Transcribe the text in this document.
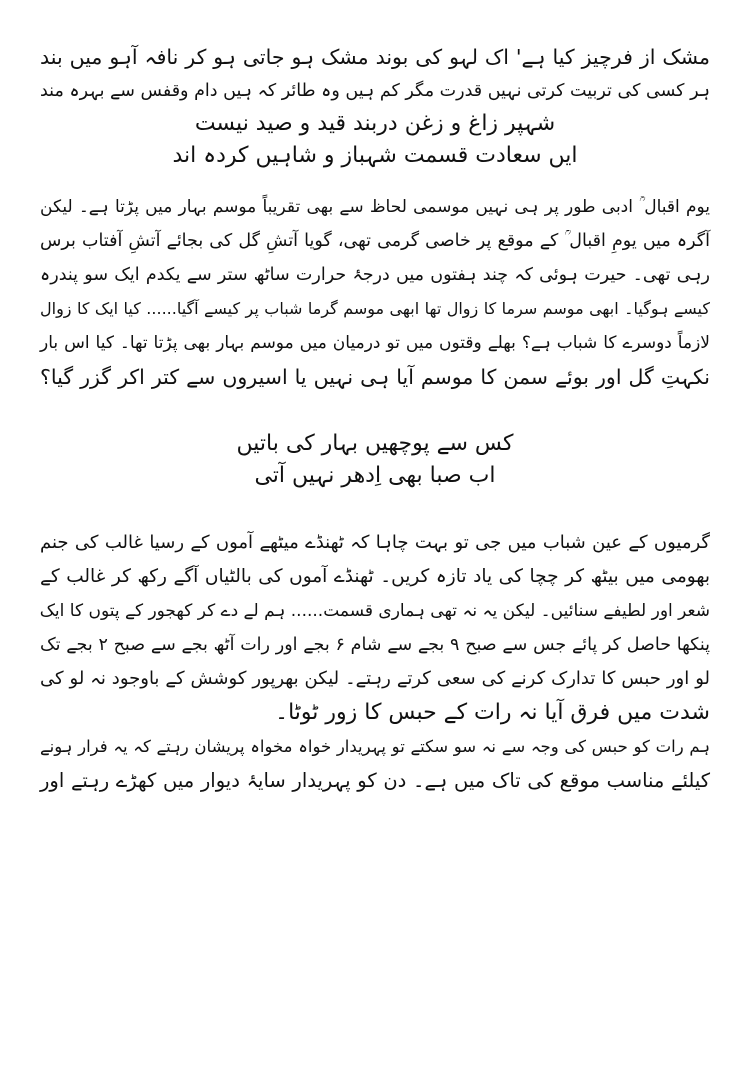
مشک از فرچیز کیا ہے' اک لہو کی بوند مشک ہو جاتی ہو کر نافہ آہو میں بند
ہر کسی کی تربیت کرتی نہیں قدرت مگر کم ہیں وہ طائر کہ ہیں دام وقفس سے بہرہ مند
شہپر زاغ و زغن دربند قید و صید نیست
ایں سعادت قسمت شہباز و شاہیں کردہ اند
یوم اقبال ؒ ادبی طور پر ہی نہیں موسمی لحاظ سے بھی تقریباً موسم بہار میں پڑتا ہے۔ لیکن
آگرہ میں یومِ اقبال ؒ کے موقع پر خاصی گرمی تھی، گویا آتشِ گل کی بجائے آتشِ آفتاب برس
رہی تھی۔ حیرت ہوئی کہ چند ہفتوں میں درجۂ حرارت ساٹھ ستر سے یکدم ایک سو پندرہ
کیسے ہوگیا۔ ابھی موسم سرما کا زوال تھا ابھی موسم گرما شباب پر کیسے آگیا...... کیا ایک کا زوال
لازماً دوسرے کا شباب ہے؟ بھلے وقتوں میں تو درمیان میں موسم بہار بھی پڑتا تھا۔ کیا اس بار
نکہتِ گل اور بوئے سمن کا موسم آیا ہی نہیں یا اسیروں سے کتر اکر گزر گیا؟
کس سے پوچھیں بہار کی باتیں
اب صبا بھی اِدھر نہیں آتی
گرمیوں کے عین شباب میں جی تو بہت چاہا کہ ٹھنڈے میٹھے آموں کے رسیا غالب کی جنم
بھومی میں بیٹھ کر چچا کی یاد تازہ کریں۔ ٹھنڈے آموں کی بالٹیاں آگے رکھ کر غالب کے
شعر اور لطیفے سنائیں۔ لیکن یہ نہ تھی ہماری قسمت...... ہم لے دے کر کھجور کے پتوں کا ایک
پنکھا حاصل کر پائے جس سے صبح ۹ بجے سے شام ۶ بجے اور رات آٹھ بجے سے صبح ۲ بجے تک
لو اور حبس کا تدارک کرنے کی سعی کرتے رہتے۔ لیکن بھرپور کوشش کے باوجود نہ لو کی
شدت میں فرق آیا نہ رات کے حبس کا زور ٹوٹا۔
ہم رات کو حبس کی وجہ سے نہ سو سکتے تو پہریدار خواہ مخواہ پریشان رہتے کہ یہ فرار ہونے
کیلئے مناسب موقع کی تاک میں ہے۔ دن کو پہریدار سایۂ دیوار میں کھڑے رہتے اور
